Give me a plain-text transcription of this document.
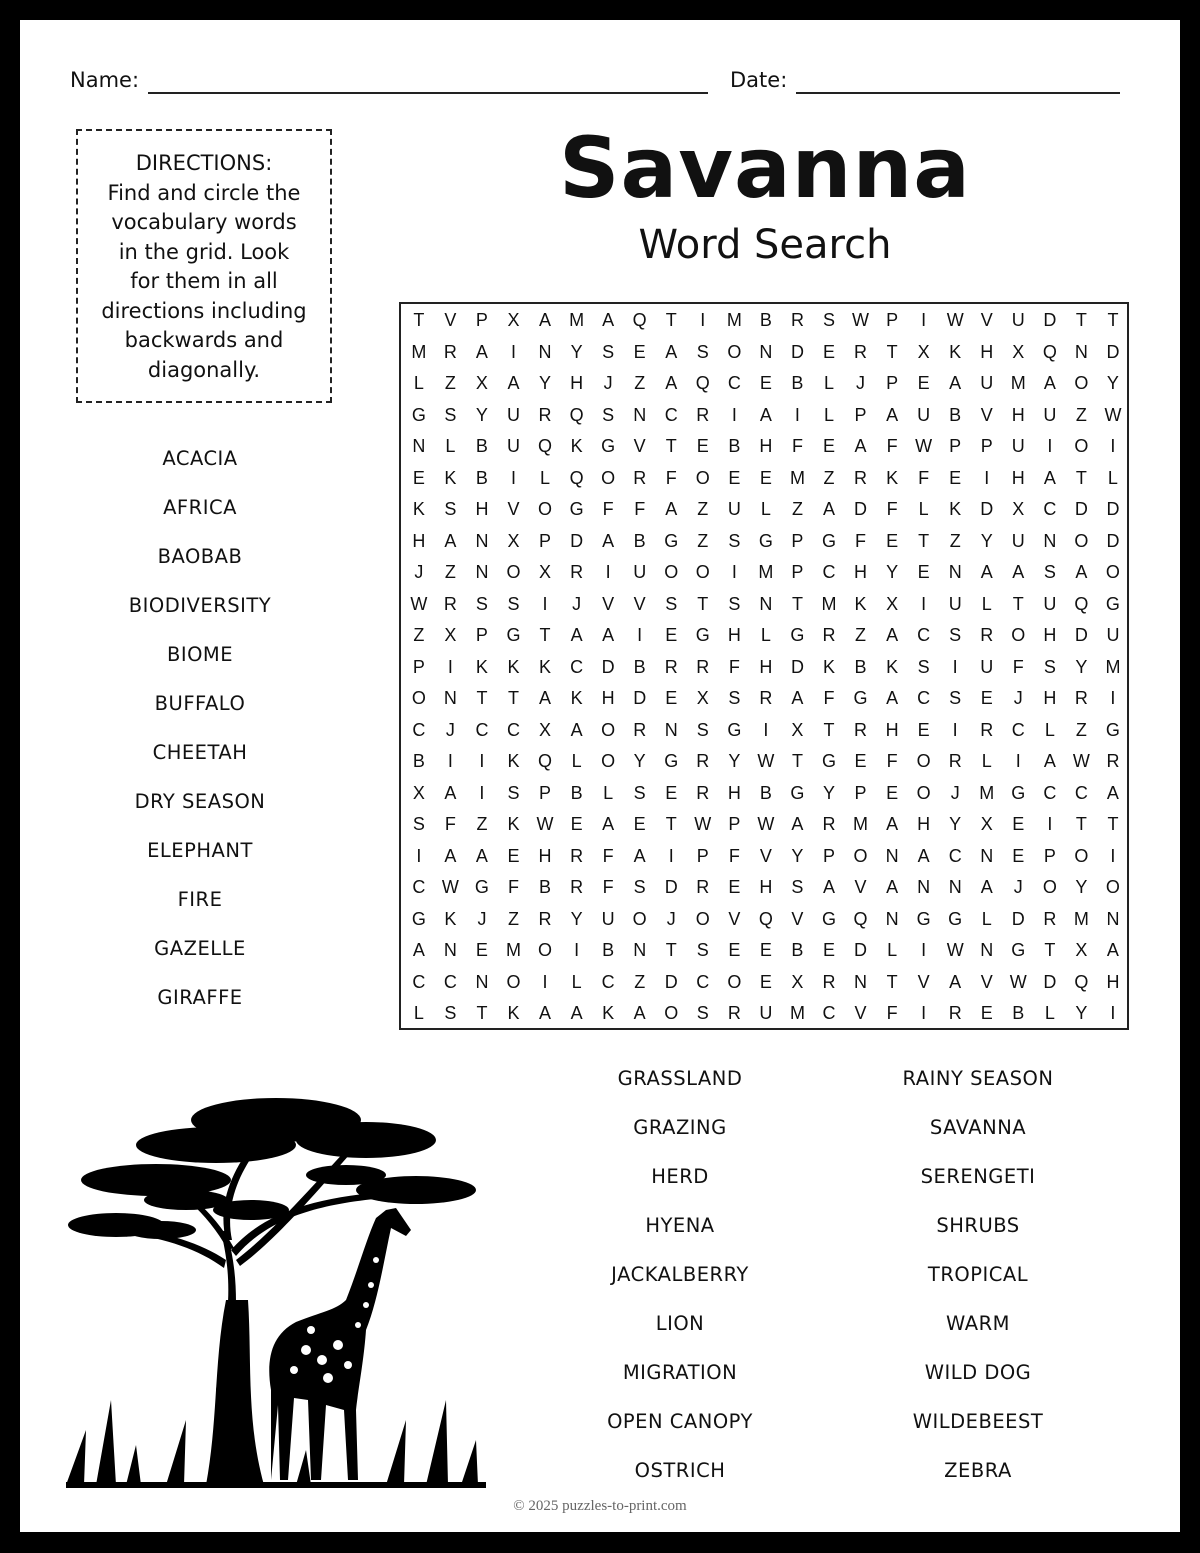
Name:	Date:
DIRECTIONS:
Find and circle the
vocabulary words
in the grid. Look
for them in all
directions including
backwards and
diagonally.
Savanna
Word Search
T	V	P	X	A	M	A	Q	T	I	M	B	R	S W P	I	W V	U	D	T	T
M R	A	I	N	Y	S	E	A	S	O	N	D	E	R	T	X	K	H	X	Q	N	D
L	Z	X	A	Y	H	J	Z	A	Q	C	E	B	L	J	P	E	A	U M	A	O	Y
G	S	Y	U	R	Q	S	N	C	R	I	A	I	L	P	A	U	B	V	H	U	Z W
N	L	B	U	Q	K	G	V	T	E	B	H	F	E	A	F W P	P	U	I	O	I
E	K	B	I	L	Q O	R	F	O	E	E	M	Z	R	K	F	E	I	H	A	T	L
K	S	H	V	O G	F	F	A	Z	U	L	Z	A	D	F	L	K	D	X	C	D	D
H	A	N	X	P	D	A	B	G	Z	S	G	P	G	F	E	T	Z	Y	U	N	O	D
J	Z	N	O	X	R	I	U	O O	I	M	P	C	H	Y	E	N	A	A	S	A	O
W R	S	S	I	J	V	V	S	T	S	N	T	M	K	X	I	U	L	T	U	Q G
Z	X	P	G	T	A	A	I	E	G	H	L	G	R	Z	A	C	S	R	O	H	D	U
P	I	K	K	K	C	D	B	R	R	F	H	D	K	B	K	S	I	U	F	S	Y	M
O	N	T	T	A	K	H	D	E	X	S	R	A	F	G	A	C	S	E	J	H	R	I
C	J	C	C	X	A	O	R	N	S	G	I	X	T	R	H	E	I	R	C	L	Z	G
B	I	I	K	Q	L	O	Y	G	R	Y W T	G	E	F	O	R	L	I	A W R
X	A	I	S	P	B	L	S	E	R	H	B	G	Y	P	E	O	J	M G	C	C	A
S	F	Z	K W E	A	E	T W P W A	R M	A	H	Y	X	E	I	T	T
I	A	A	E	H	R	F	A	I	P	F	V	Y	P	O	N	A	C	N	E	P	O	I
C W G	F	B	R	F	S	D	R	E	H	S	A	V	A	N	N	A	J	O	Y	O
G	K	J	Z	R	Y	U	O	J	O	V	Q	V	G Q	N	G G	L	D	R M N
A	N	E	M O	I	B	N	T	S	E	E	B	E	D	L	I	W N	G	T	X	A
C	C	N	O	I	L	C	Z	D	C	O	E	X	R	N	T	V	A	V W D	Q	H
L	S	T	K	A	A	K	A	O	S	R	U M C	V	F	I	R	E	B	L	Y	I
ACACIA
AFRICA
BAOBAB
BIODIVERSITY
BIOME
BUFFALO
CHEETAH
DRY SEASON
ELEPHANT
FIRE
GAZELLE
GIRAFFE
GRASSLAND
GRAZING
HERD
HYENA
JACKALBERRY
LION
MIGRATION
OPEN CANOPY
OSTRICH
RAINY SEASON
SAVANNA
SERENGETI
SHRUBS
TROPICAL
WARM
WILD DOG
WILDEBEEST
ZEBRA
© 2025 puzzles-to-print.com
